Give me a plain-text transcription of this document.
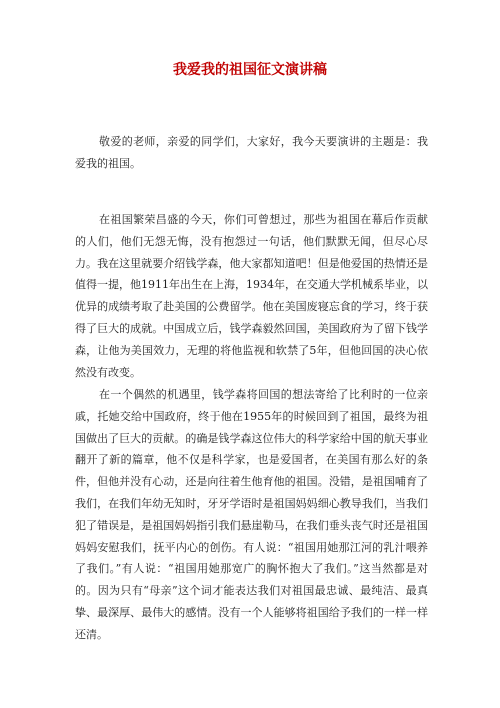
我爱我的祖国征文演讲稿

敬爱的老师，亲爱的同学们，大家好，我今天要演讲的主题是：我爱我的祖国。

在祖国繁荣昌盛的今天，你们可曾想过，那些为祖国在幕后作贡献的人们，他们无怨无悔，没有抱怨过一句话，他们默默无闻，但尽心尽力。我在这里就要介绍钱学森，他大家都知道吧！但是他爱国的热情还是值得一提，他1911年出生在上海，1934年，在交通大学机械系毕业，以优异的成绩考取了赴美国的公费留学。他在美国废寝忘食的学习，终于获得了巨大的成就。中国成立后，钱学森毅然回国，美国政府为了留下钱学森，让他为美国效力，无理的将他监视和软禁了5年，但他回国的决心依然没有改变。

在一个偶然的机遇里，钱学森将回国的想法寄给了比利时的一位亲戚，托她交给中国政府，终于他在1955年的时候回到了祖国，最终为祖国做出了巨大的贡献。的确是钱学森这位伟大的科学家给中国的航天事业翻开了新的篇章，他不仅是科学家，也是爱国者，在美国有那么好的条件，但他并没有心动，还是向往着生他育他的祖国。没错，是祖国哺育了我们，在我们年幼无知时，牙牙学语时是祖国妈妈细心教导我们，当我们犯了错误是，是祖国妈妈指引我们悬崖勒马，在我们垂头丧气时还是祖国妈妈安慰我们，抚平内心的创伤。有人说：“祖国用她那江河的乳汁喂养了我们。”有人说：“祖国用她那宽广的胸怀抱大了我们。”这当然都是对的。因为只有“母亲”这个词才能表达我们对祖国最忠诚、最纯洁、最真挚、最深厚、最伟大的感情。没有一个人能够将祖国给予我们的一样一样还清。
